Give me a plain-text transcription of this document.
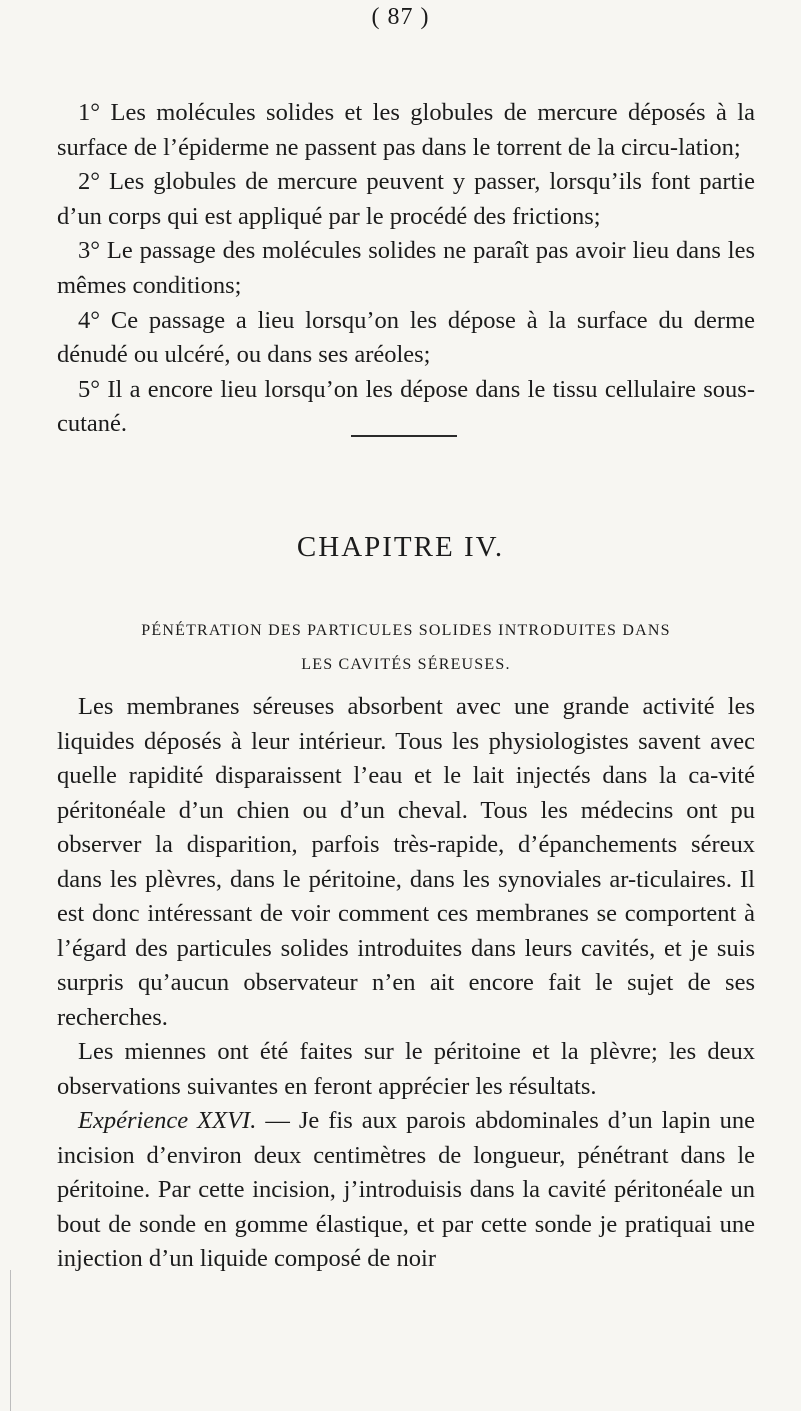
( 87 )

1° Les molécules solides et les globules de mercure déposés à la surface de l’épiderme ne passent pas dans le torrent de la circu-lation;

2° Les globules de mercure peuvent y passer, lorsqu’ils font partie d’un corps qui est appliqué par le procédé des frictions;

3° Le passage des molécules solides ne paraît pas avoir lieu dans les mêmes conditions;

4° Ce passage a lieu lorsqu’on les dépose à la surface du derme dénudé ou ulcéré, ou dans ses aréoles;

5° Il a encore lieu lorsqu’on les dépose dans le tissu cellulaire sous-cutané.

CHAPITRE IV.
PÉNÉTRATION DES PARTICULES SOLIDES INTRODUITES DANS
LES CAVITÉS SÉREUSES.

Les membranes séreuses absorbent avec une grande activité les liquides déposés à leur intérieur. Tous les physiologistes savent avec quelle rapidité disparaissent l’eau et le lait injectés dans la ca-vité péritonéale d’un chien ou d’un cheval. Tous les médecins ont pu observer la disparition, parfois très-rapide, d’épanchements séreux dans les plèvres, dans le péritoine, dans les synoviales ar-ticulaires. Il est donc intéressant de voir comment ces membranes se comportent à l’égard des particules solides introduites dans leurs cavités, et je suis surpris qu’aucun observateur n’en ait encore fait le sujet de ses recherches.

Les miennes ont été faites sur le péritoine et la plèvre; les deux observations suivantes en feront apprécier les résultats.

Expérience XXVI. — Je fis aux parois abdominales d’un lapin une incision d’environ deux centimètres de longueur, pénétrant dans le péritoine. Par cette incision, j’introduisis dans la cavité péritonéale un bout de sonde en gomme élastique, et par cette sonde je pratiquai une injection d’un liquide composé de noir
